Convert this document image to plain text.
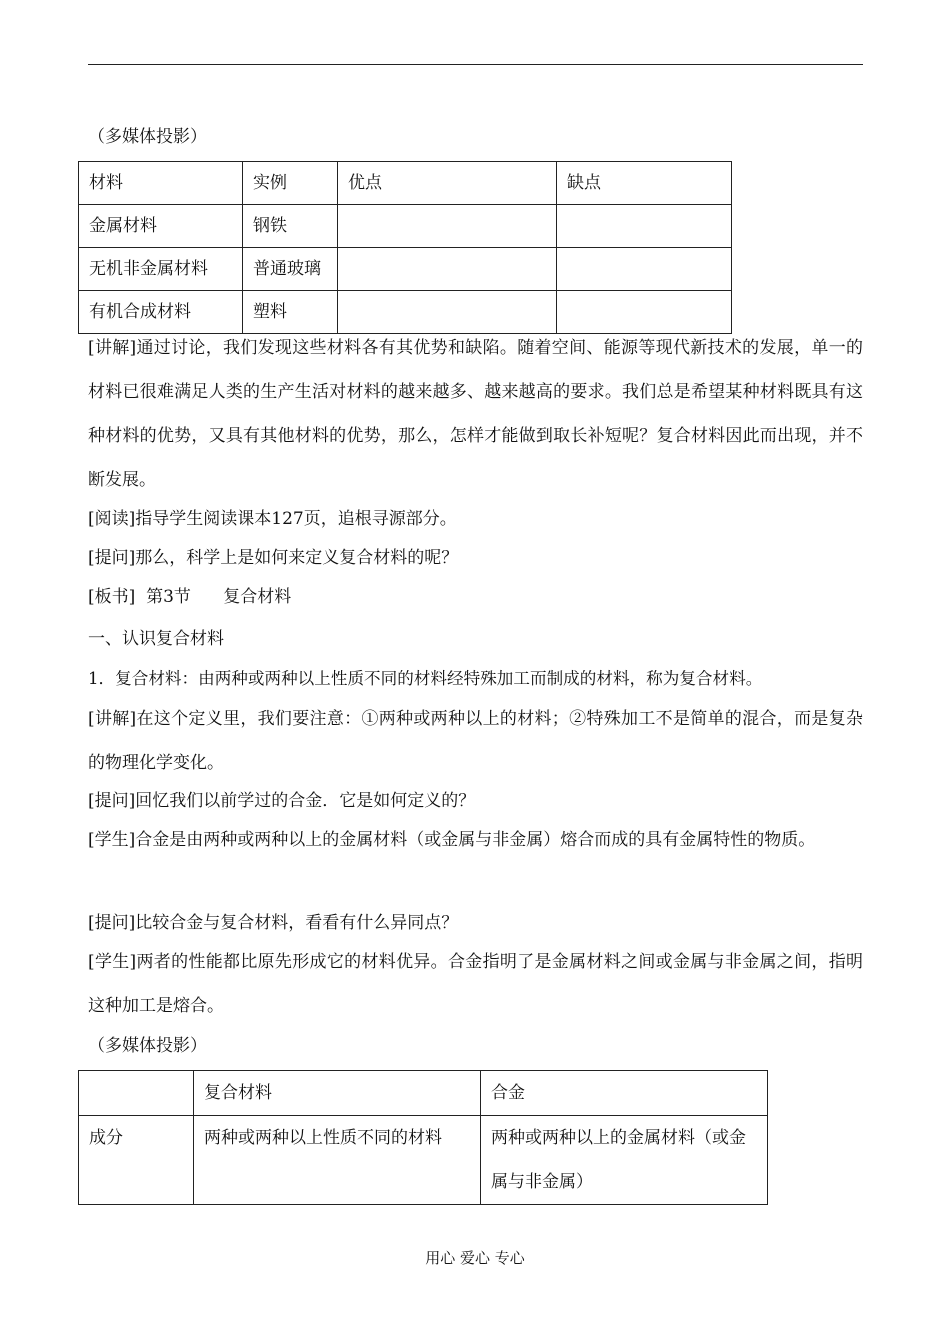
（多媒体投影）
材料	实例	优点	缺点
金属材料	钢铁		
无机非金属材料	普通玻璃		
有机合成材料	塑料		
[讲解]通过讨论，我们发现这些材料各有其优势和缺陷。随着空间、能源等现代新技术的发展，单一的材料已很难满足人类的生产生活对材料的越来越多、越来越高的要求。我们总是希望某种材料既具有这种材料的优势，又具有其他材料的优势，那么，怎样才能做到取长补短呢？复合材料因此而出现，并不断发展。
[阅读]指导学生阅读课本127页，追根寻源部分。
[提问]那么，科学上是如何来定义复合材料的呢？
[板书]  第3节      复合材料
一、认识复合材料
1．复合材料：由两种或两种以上性质不同的材料经特殊加工而制成的材料，称为复合材料。
[讲解]在这个定义里，我们要注意：①两种或两种以上的材料；②特殊加工不是简单的混合，而是复杂的物理化学变化。
[提问]回忆我们以前学过的合金．它是如何定义的？
[学生]合金是由两种或两种以上的金属材料（或金属与非金属）熔合而成的具有金属特性的物质。
[提问]比较合金与复合材料，看看有什么异同点？
[学生]两者的性能都比原先形成它的材料优异。合金指明了是金属材料之间或金属与非金属之间，指明这种加工是熔合。
（多媒体投影）
	复合材料	合金
成分	两种或两种以上性质不同的材料	两种或两种以上的金属材料（或金属与非金属）
用心 爱心 专心
